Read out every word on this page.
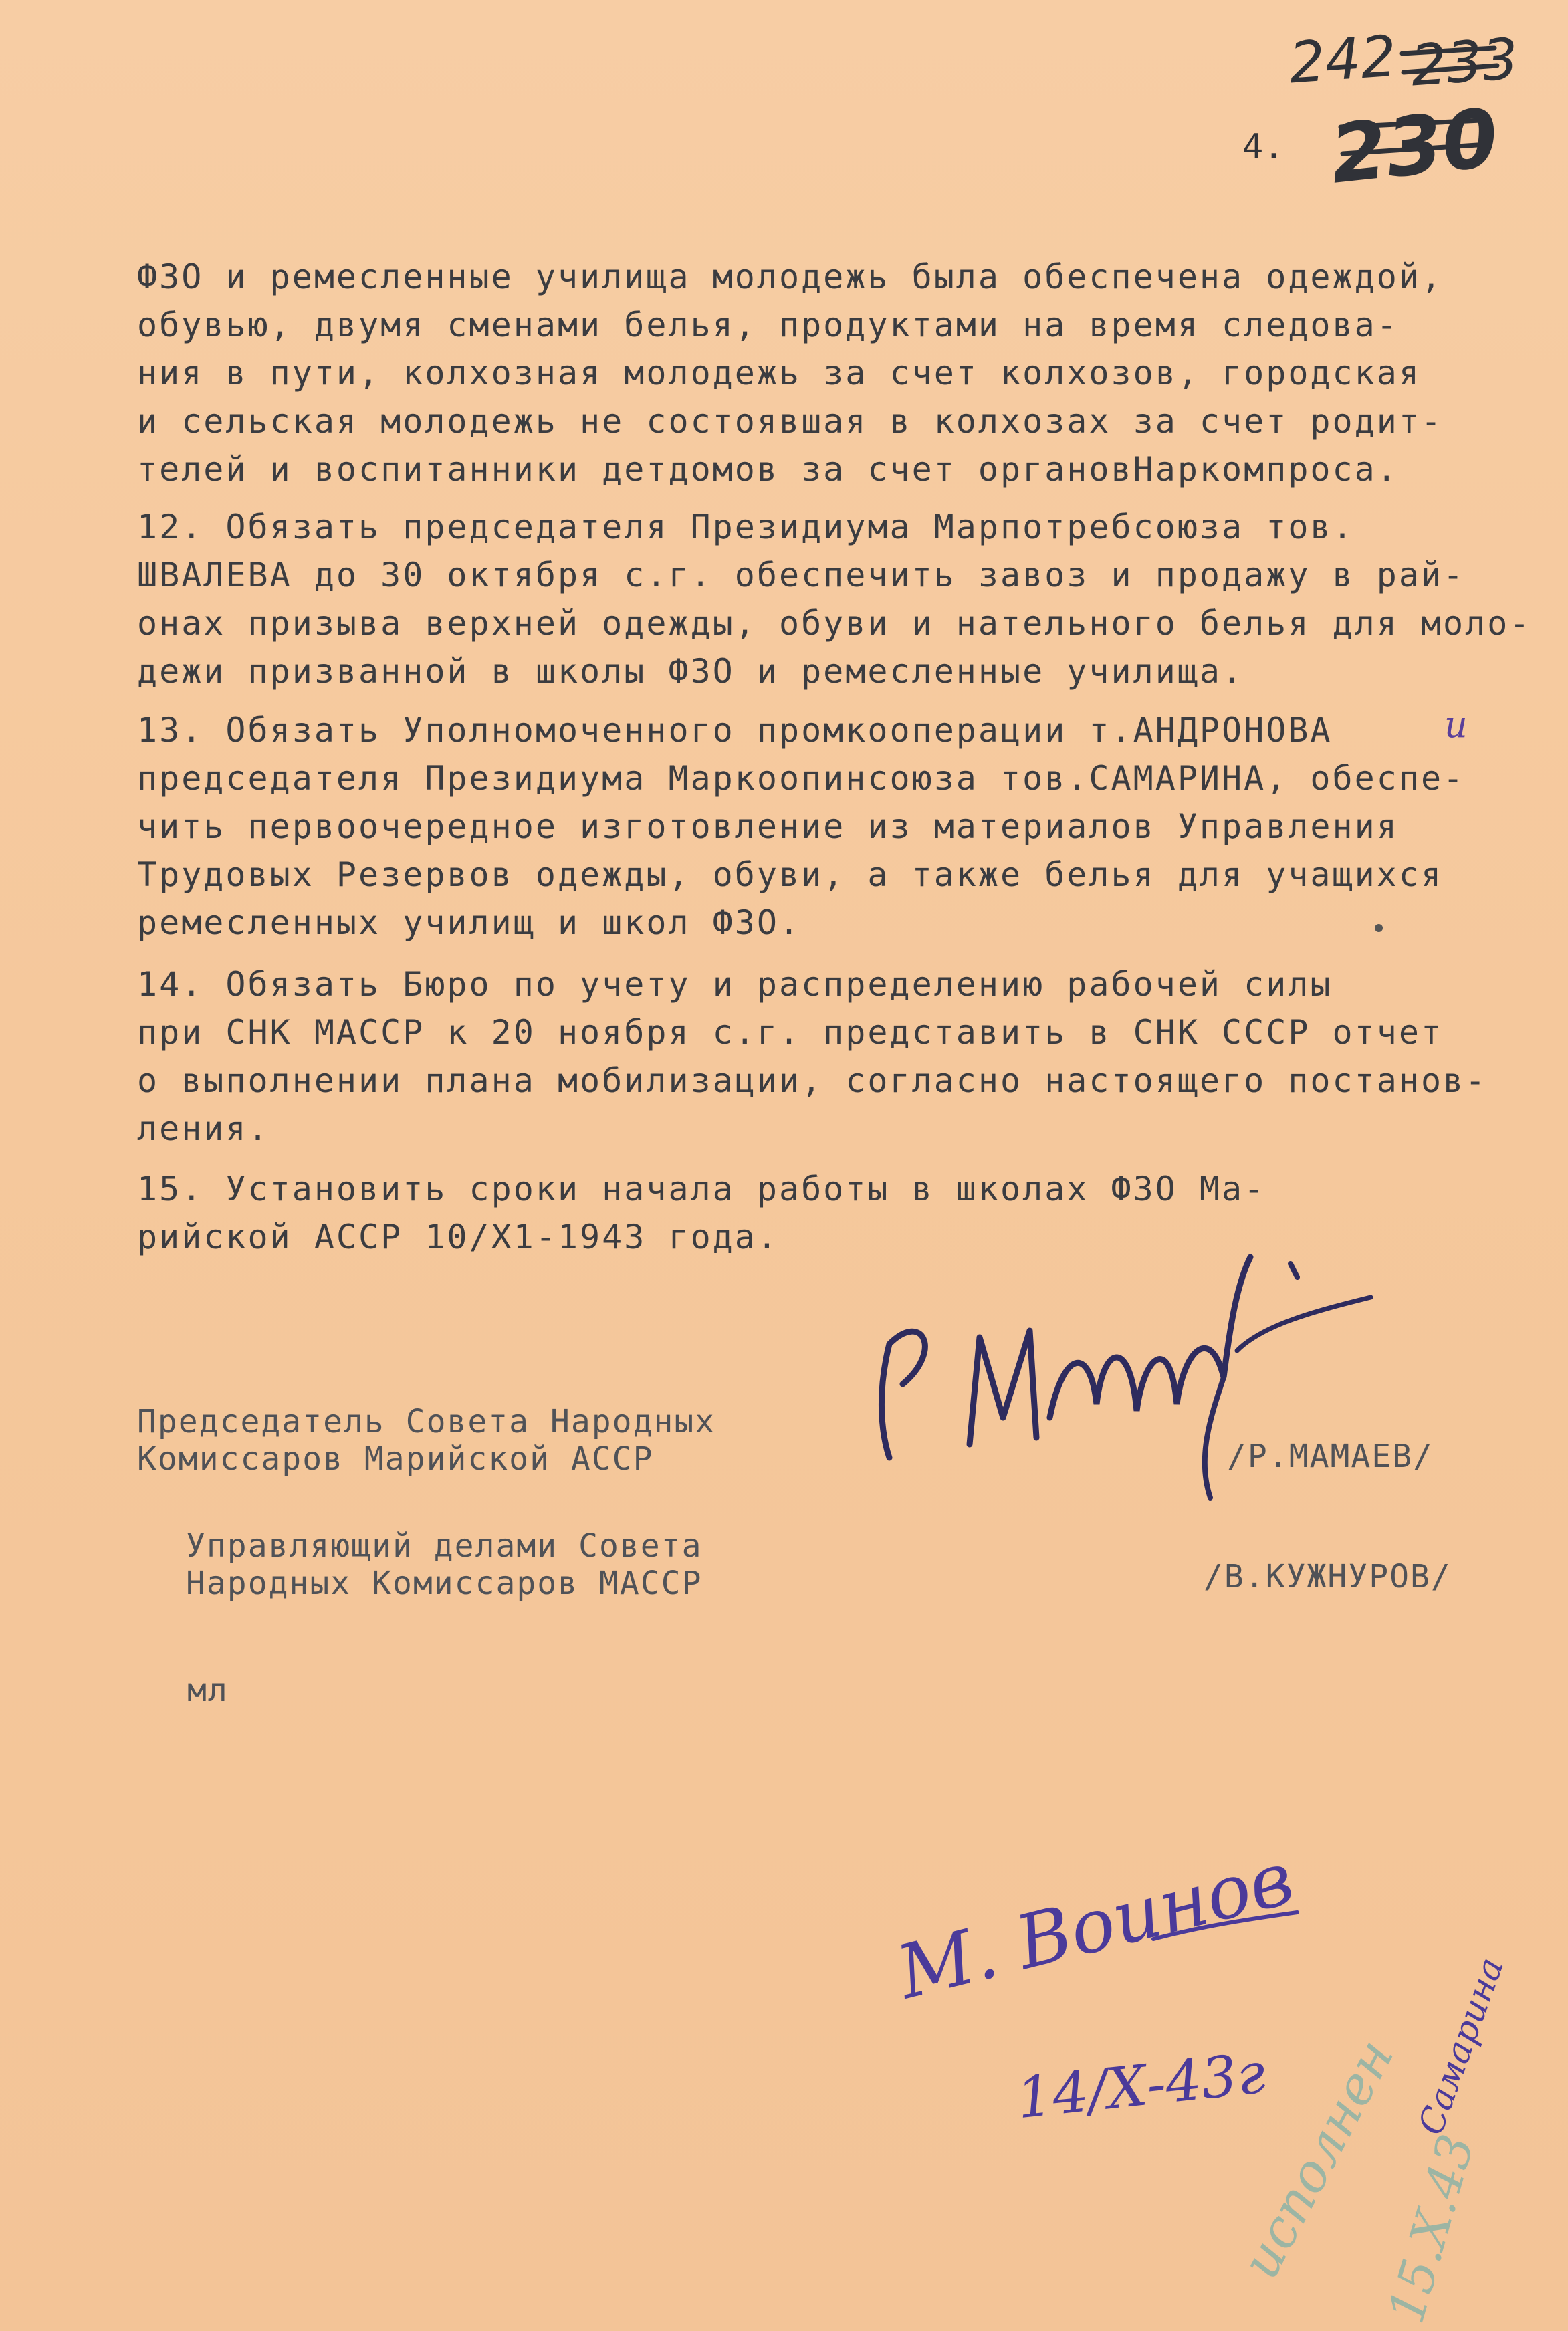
242 233
4. 230
ФЗО и ремесленные училища молодежь была обеспечена одеждой,
обувью, двумя сменами белья, продуктами на время следова-
ния в пути, колхозная молодежь за счет колхозов, городская
и сельская молодежь не состоявшая в колхозах за счет родит-
телей и воспитанники детдомов за счет органовНаркомпроса.
12. Обязать председателя Президиума Марпотребсоюза тов.
ШВАЛЕВА до 30 октября с.г. обеспечить завоз и продажу в рай-
онах призыва верхней одежды, обуви и нательного белья для моло-
дежи призванной в школы ФЗО и ремесленные училища.
13. Обязать Уполномоченного промкооперации т.АНДРОНОВА
председателя Президиума Маркоопинсоюза тов.САМАРИНА, обеспе-
чить первоочередное изготовление из материалов Управления
Трудовых Резервов одежды, обуви, а также белья для учащихся
ремесленных училищ и школ ФЗО.
и
14. Обязать Бюро по учету и распределению рабочей силы
при СНК МАССР к 20 ноября с.г. представить в СНК СССР отчет
о выполнении плана мобилизации, согласно настоящего постанов-
ления.
15. Установить сроки начала работы в школах ФЗО Ма-
рийской АССР 10/Х1-1943 года.
Председатель Совета Народных
Комиссаров Марийской АССР	/Р.МАМАЕВ/
Управляющий делами Совета
Народных Комиссаров МАССР	/В.КУЖНУРОВ/
мл
М. Воинов
14/Х-43г	Самарина
исполнен
15.Х.43
